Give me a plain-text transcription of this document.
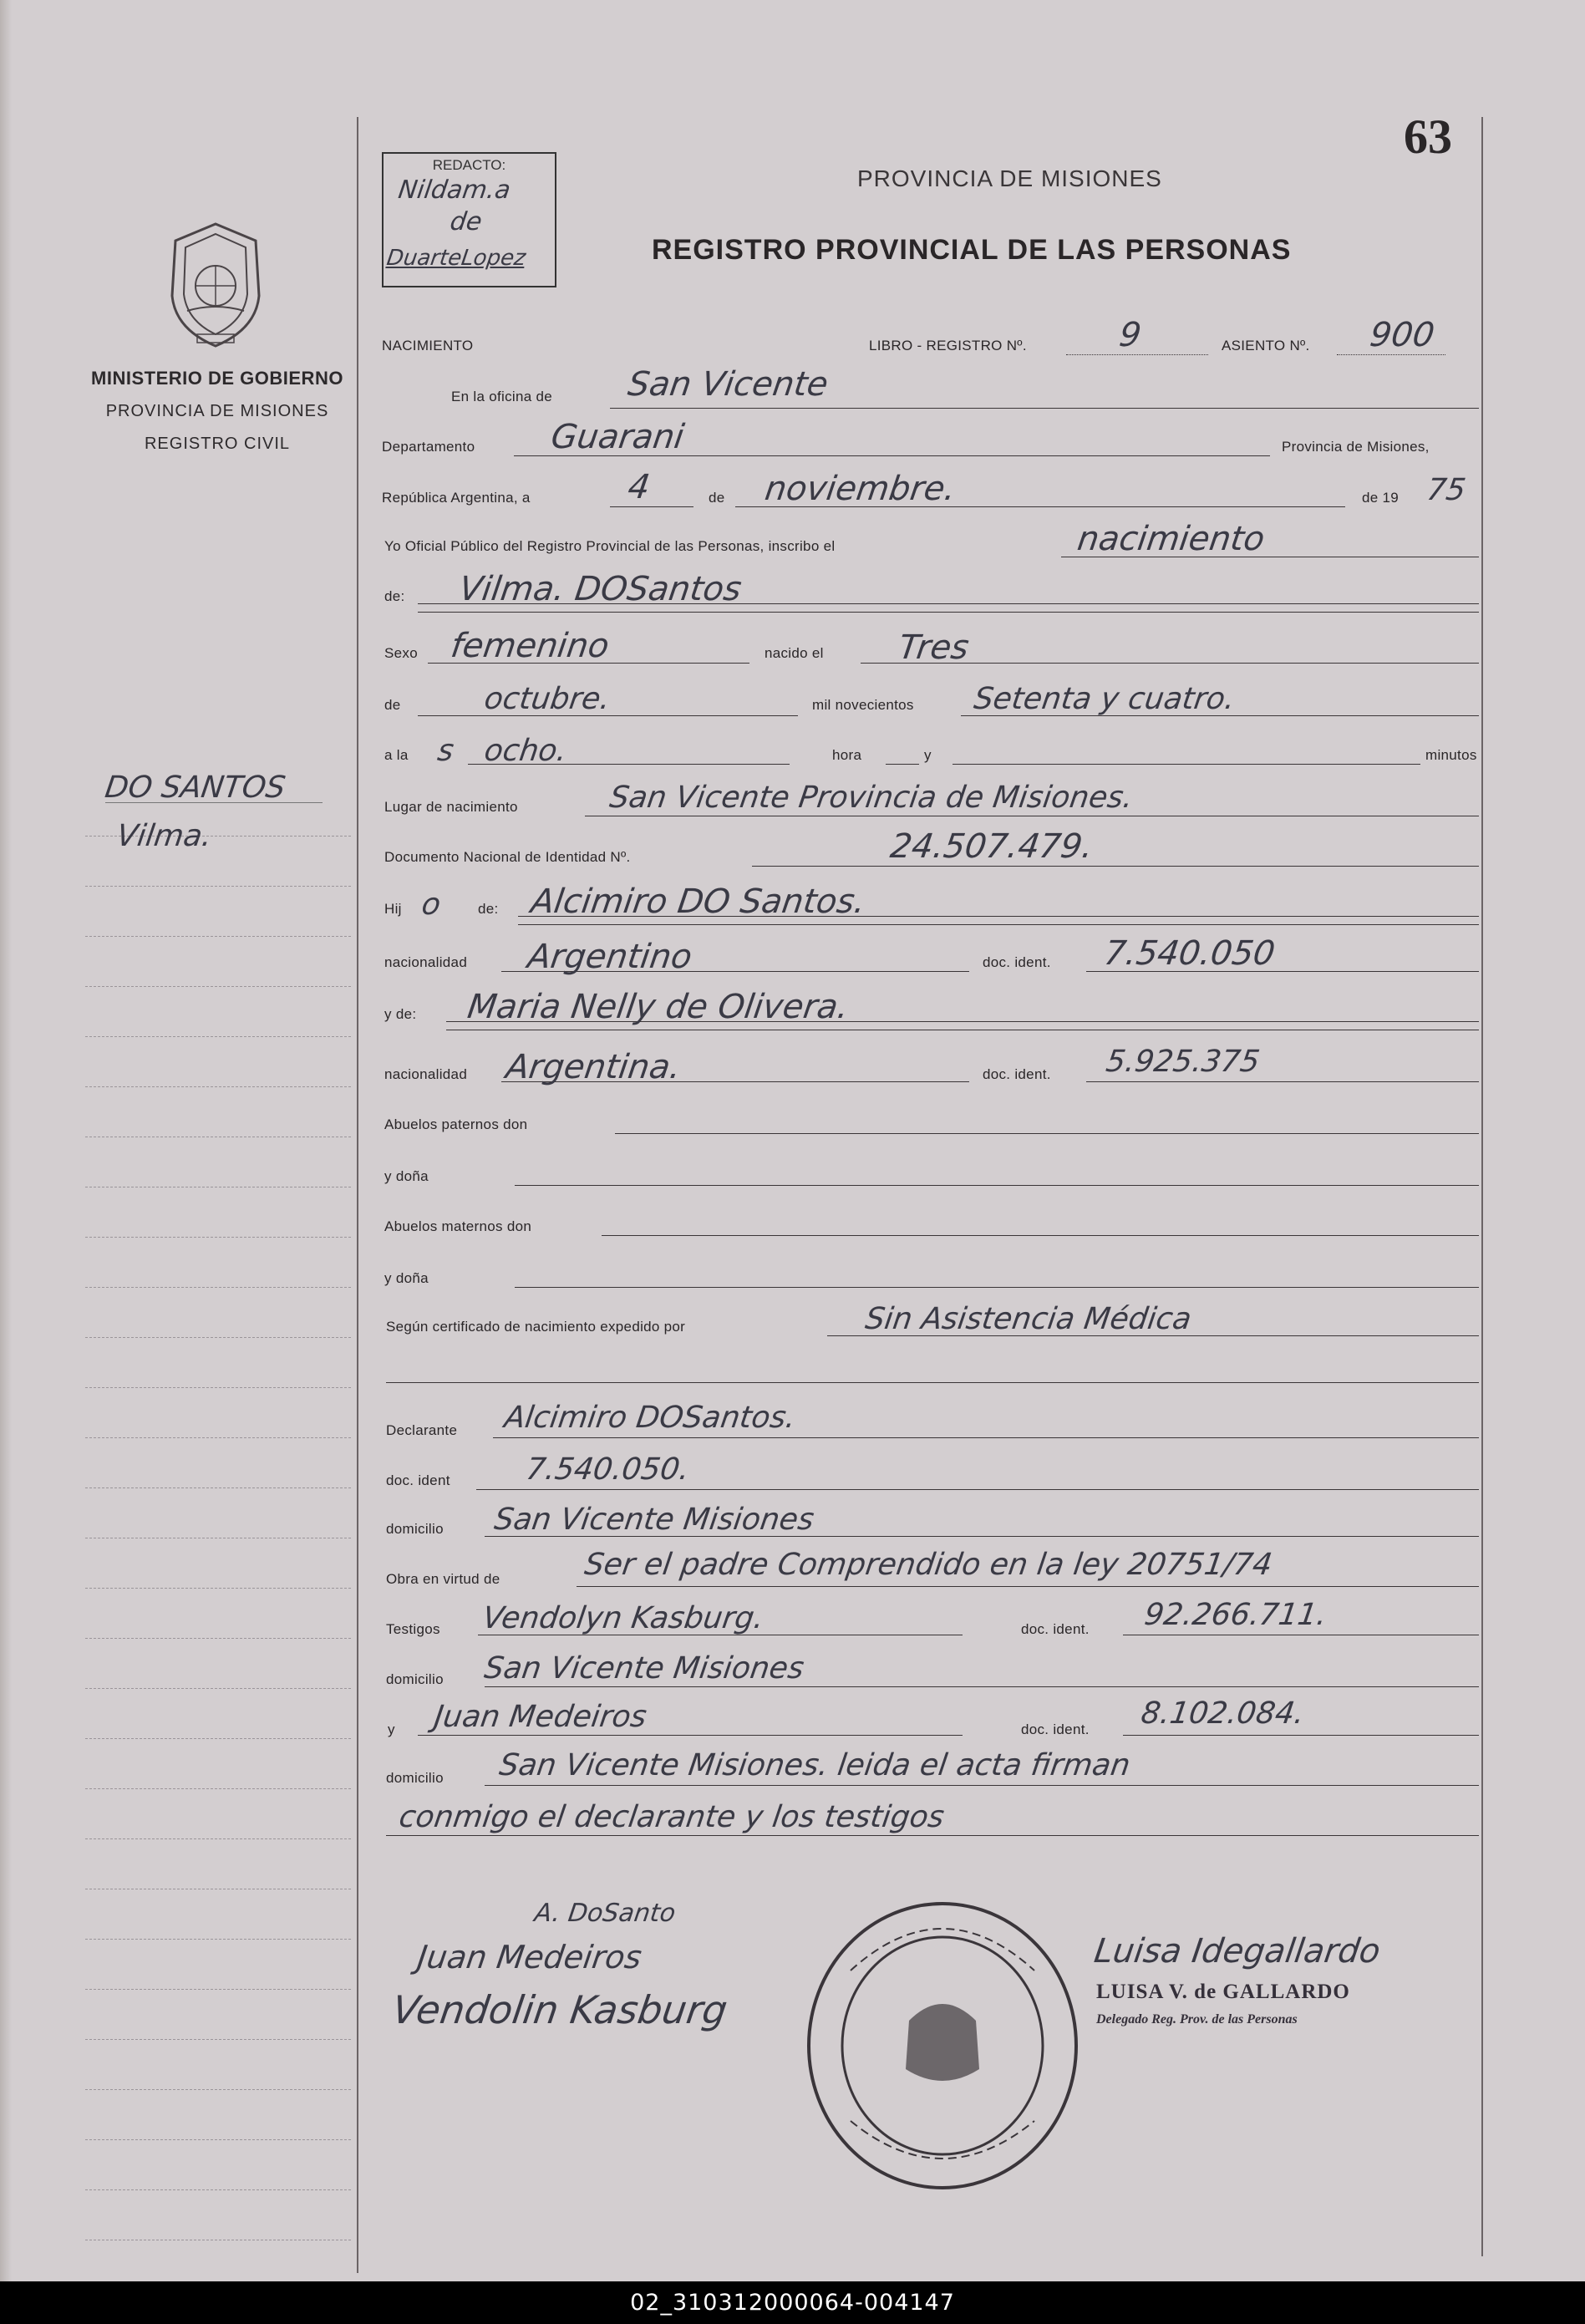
MINISTERIO DE GOBIERNO
PROVINCIA DE MISIONES
REGISTRO CIVIL
DO SANTOS
Vilma.
REDACTO:
Nildam.a
de
DuarteLopez
63
PROVINCIA DE MISIONES
REGISTRO PROVINCIAL DE LAS PERSONAS
NACIMIENTO	LIBRO - REGISTRO Nº.	9	ASIENTO Nº. 900
En la oficina de San Vicente
Departamento Guarani	Provincia de Misiones,
República Argentina, a	4	de noviembre.	de 19 75
Yo Oficial Público del Registro Provincial de las Personas, inscribo el	nacimiento
de: Vilma. DOSantos
Sexo femenino	nacido el Tres
de	octubre.	mil novecientos Setenta y cuatro.
a la s ocho.	hora	y	minutos
Lugar de nacimiento	San Vicente Provincia de Misiones.
Documento Nacional de Identidad Nº.	24.507.479.
Hij o de: Alcimiro DO Santos.
nacionalidad Argentino	doc. ident. 7.540.050
y de: Maria Nelly de Olivera.
nacionalidad Argentina.	doc. ident. 5.925.375
Abuelos paternos don
y doña
Abuelos maternos don
y doña
Según certificado de nacimiento expedido por	Sin Asistencia Médica
Declarante Alcimiro DOSantos.
doc. ident 7.540.050.
domicilio San Vicente Misiones
Obra en virtud de	Ser el padre Comprendido en la ley 20751/74
Testigos Vendolyn Kasburg.	doc. ident. 92.266.711.
domicilio San Vicente Misiones
y Juan Medeiros	doc. ident. 8.102.084.
domicilio San Vicente Misiones. leida el acta firman
conmigo el declarante y los testigos
A. DoSanto
Juan Medeiros
Vendolin Kasburg
Luisa Idegallardo
LUISA V. de GALLARDO
Delegado Reg. Prov. de las Personas
02_310312000064-004147
